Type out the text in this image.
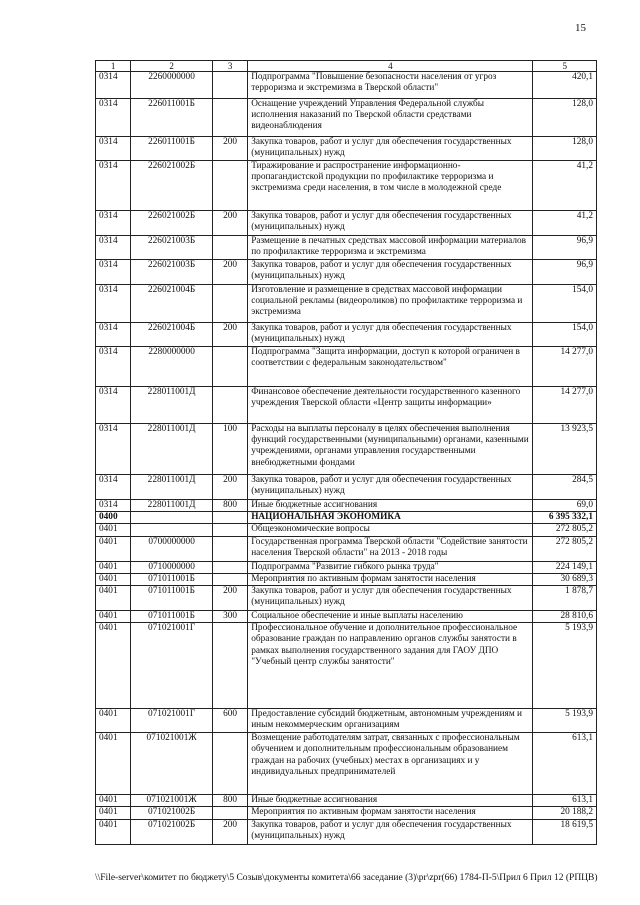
15
1	2	3	4	5
0314	2260000000		Подпрограмма "Повышение безопасности населения от угроз терроризма и экстремизма в Тверской области"	420,1
0314	226011001Б		Оснащение учреждений Управления Федеральной службы исполнения наказаний по Тверской области средствами видеонаблюдения	128,0
0314	226011001Б	200	Закупка товаров, работ и услуг для обеспечения государственных (муниципальных) нужд	128,0
0314	226021002Б		Тиражирование и распространение информационно-пропагандистской продукции по профилактике терроризма и экстремизма среди населения, в том числе в молодежной среде	41,2
0314	226021002Б	200	Закупка товаров, работ и услуг для обеспечения государственных (муниципальных) нужд	41,2
0314	226021003Б		Размещение в печатных средствах массовой информации материалов по профилактике терроризма и экстремизма	96,9
0314	226021003Б	200	Закупка товаров, работ и услуг для обеспечения государственных (муниципальных) нужд	96,9
0314	226021004Б		Изготовление и размещение в средствах массовой информации социальной рекламы (видеороликов) по профилактике терроризма и экстремизма	154,0
0314	226021004Б	200	Закупка товаров, работ и услуг для обеспечения государственных (муниципальных) нужд	154,0
0314	2280000000		Подпрограмма "Защита информации, доступ к которой ограничен в соответствии с федеральным законодательством"	14 277,0
0314	228011001Д		Финансовое обеспечение деятельности государственного казенного учреждения Тверской области «Центр защиты информации»	14 277,0
0314	228011001Д	100	Расходы на выплаты персоналу в целях обеспечения выполнения функций государственными (муниципальными) органами, казенными учреждениями, органами управления государственными внебюджетными фондами	13 923,5
0314	228011001Д	200	Закупка товаров, работ и услуг для обеспечения государственных (муниципальных) нужд	284,5
0314	228011001Д	800	Иные бюджетные ассигнования	69,0
0400			НАЦИОНАЛЬНАЯ ЭКОНОМИКА	6 395 332,1
0401			Общеэкономические вопросы	272 805,2
0401	0700000000		Государственная программа Тверской области "Содействие занятости населения Тверской области" на 2013 - 2018 годы	272 805,2
0401	0710000000		Подпрограмма "Развитие гибкого рынка труда"	224 149,1
0401	071011001Б		Мероприятия по активным формам занятости населения	30 689,3
0401	071011001Б	200	Закупка товаров, работ и услуг для обеспечения государственных (муниципальных) нужд	1 878,7
0401	071011001Б	300	Социальное обеспечение и иные выплаты населению	28 810,6
0401	071021001Г		Профессиональное обучение и дополнительное профессиональное образование граждан по направлению органов службы занятости в рамках выполнения государственного задания для ГАОУ ДПО "Учебный центр службы занятости"	5 193,9
0401	071021001Г	600	Предоставление субсидий бюджетным, автономным учреждениям и иным некоммерческим организациям	5 193,9
0401	071021001Ж		Возмещение работодателям затрат, связанных с профессиональным обучением и дополнительным профессиональным образованием граждан на рабочих (учебных) местах в организациях и у индивидуальных предпринимателей	613,1
0401	071021001Ж	800	Иные бюджетные ассигнования	613,1
0401	071021002Б		Мероприятия по активным формам занятости населения	20 188,2
0401	071021002Б	200	Закупка товаров, работ и услуг для обеспечения государственных (муниципальных) нужд	18 619,5
\\File-server\комитет по бюджету\5 Созыв\документы комитета\66 заседание (3)\pr\zpr(66) 1784-П-5\Прил 6 Прил 12 (РПЦВ)
